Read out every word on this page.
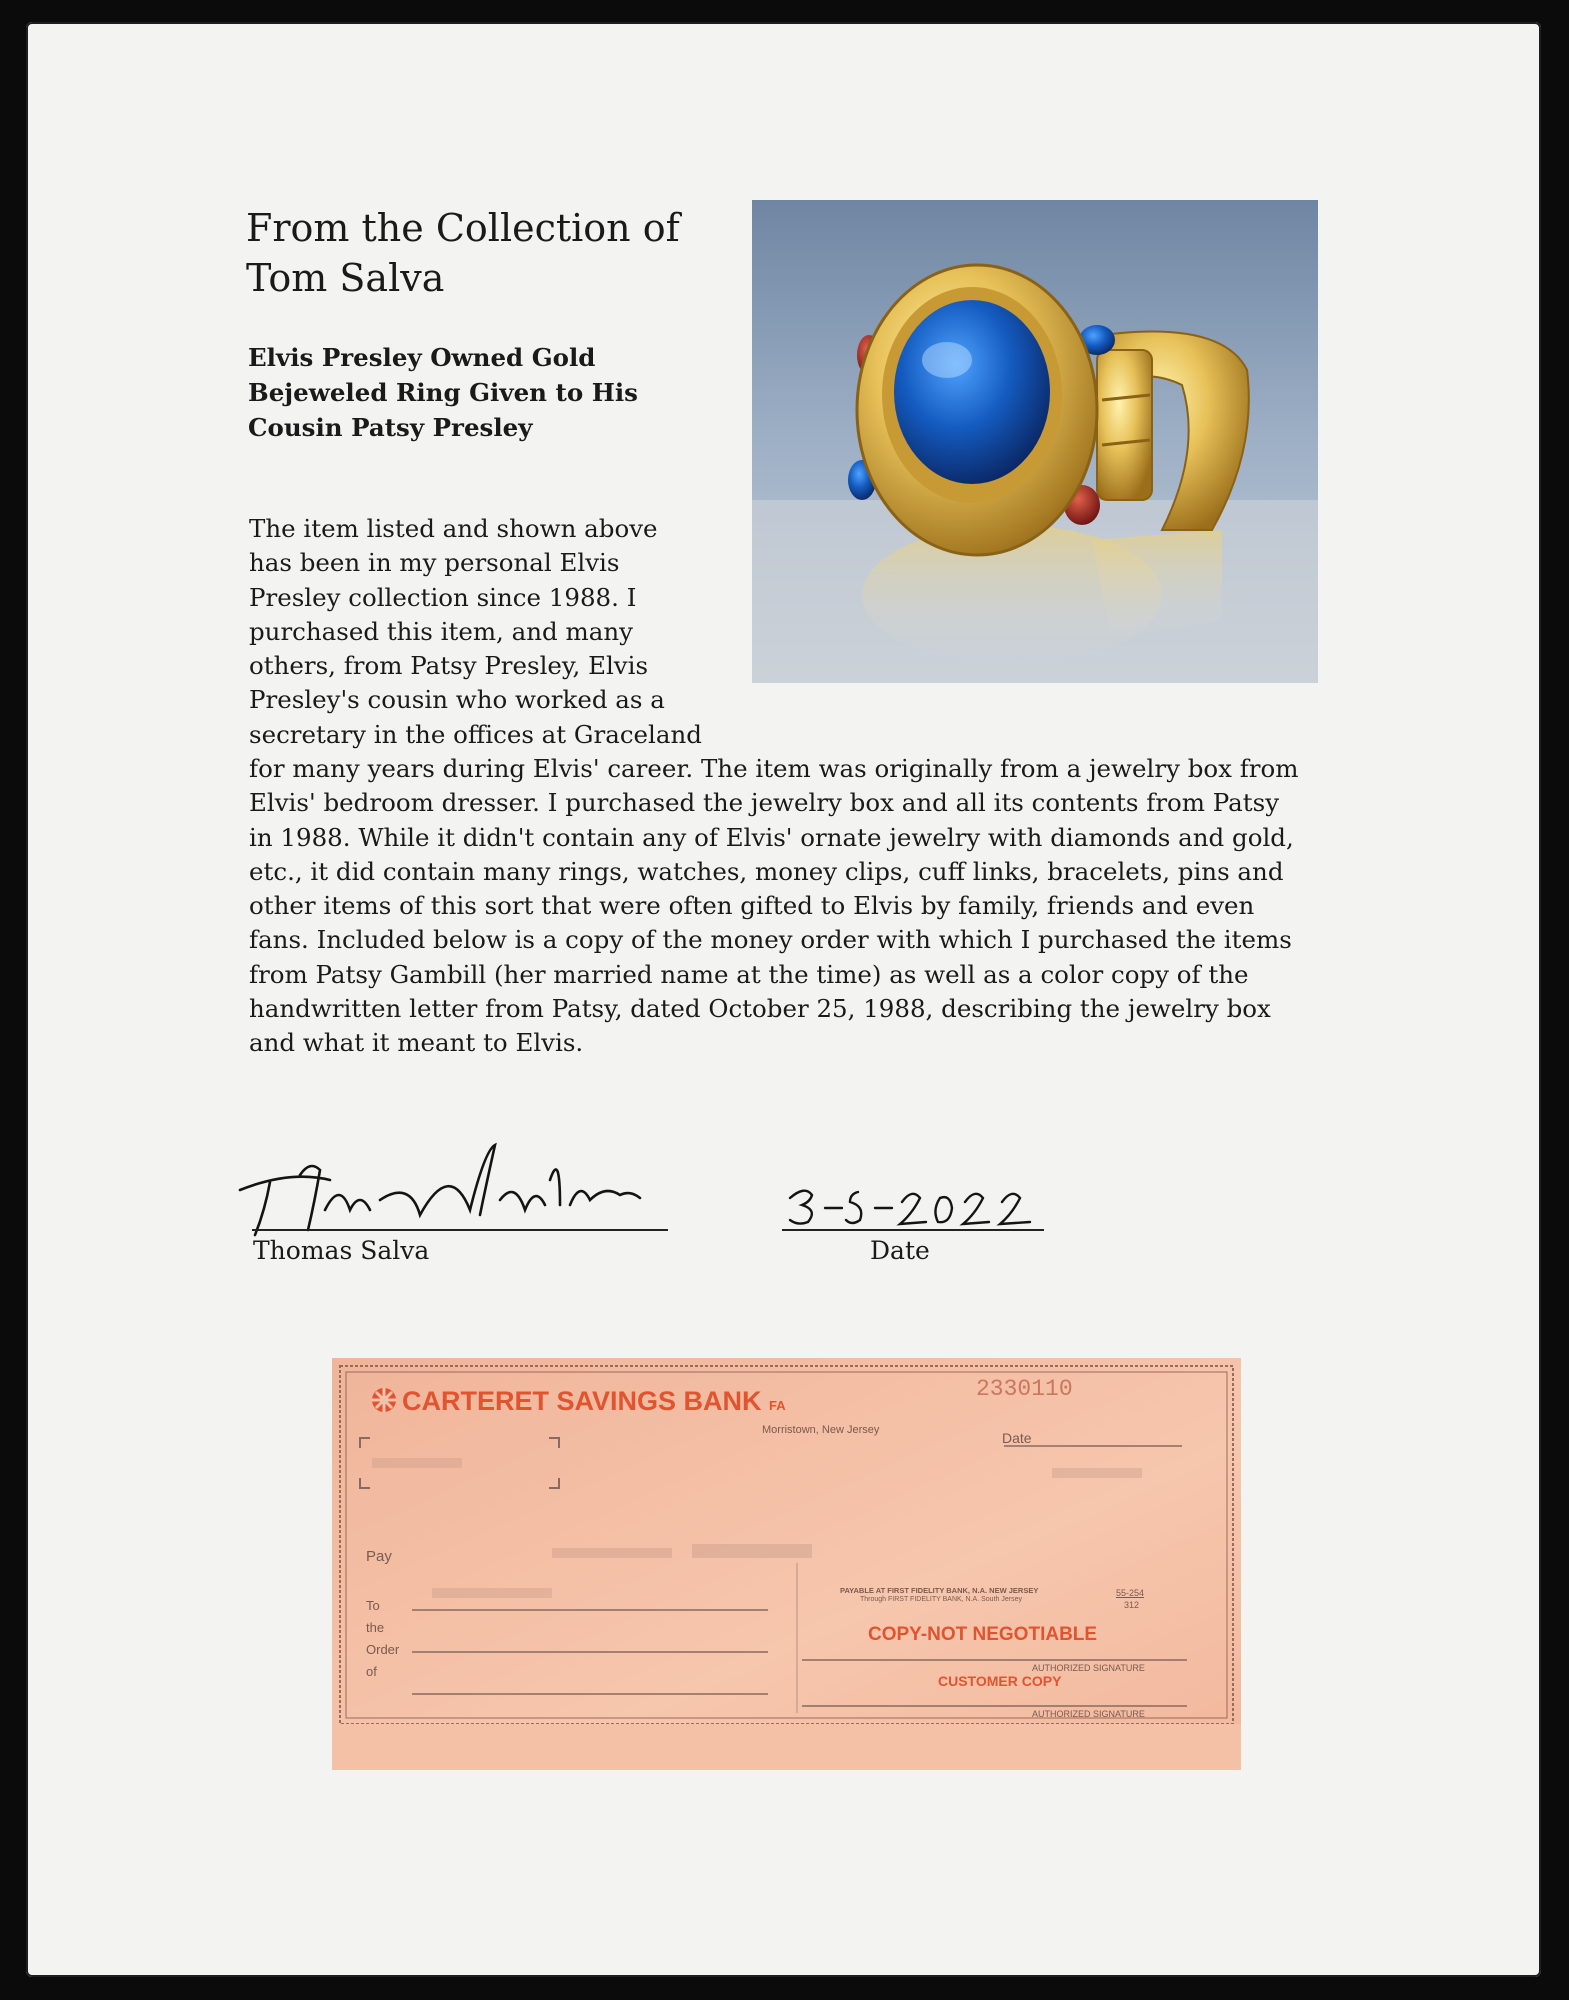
From the Collection of
Tom Salva
Elvis Presley Owned Gold
Bejeweled Ring Given to His
Cousin Patsy Presley
The item listed and shown above
has been in my personal Elvis
Presley collection since 1988. I
purchased this item, and many
others, from Patsy Presley, Elvis
Presley's cousin who worked as a
secretary in the offices at Graceland
for many years during Elvis' career. The item was originally from a jewelry box from
Elvis' bedroom dresser. I purchased the jewelry box and all its contents from Patsy
in 1988. While it didn't contain any of Elvis' ornate jewelry with diamonds and gold,
etc., it did contain many rings, watches, money clips, cuff links, bracelets, pins and
other items of this sort that were often gifted to Elvis by family, friends and even
fans. Included below is a copy of the money order with which I purchased the items
from Patsy Gambill (her married name at the time) as well as a color copy of the
handwritten letter from Patsy, dated October 25, 1988, describing the jewelry box
and what it meant to Elvis.
Thomas Salva	Date
CARTERET SAVINGS BANK FA
Morristown, New Jersey
2330110
Date
Pay
To
the
Order
of
PAYABLE AT FIRST FIDELITY BANK, N.A. NEW JERSEY
Through FIRST FIDELITY BANK, N.A. South Jersey
55-254
312
COPY-NOT NEGOTIABLE
AUTHORIZED SIGNATURE
CUSTOMER COPY
AUTHORIZED SIGNATURE
